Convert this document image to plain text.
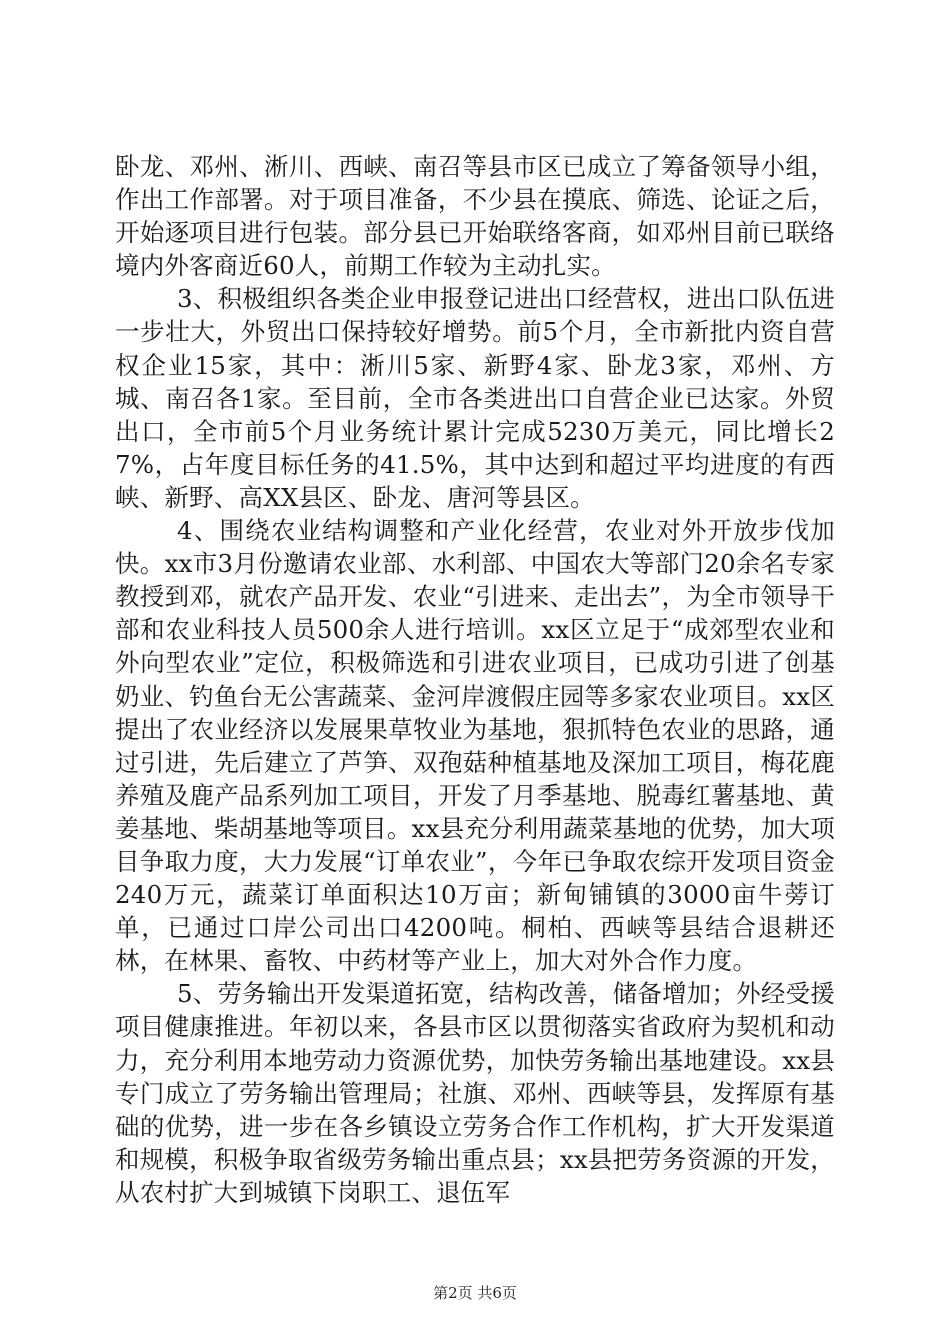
卧龙、邓州、淅川、西峡、南召等县市区已成立了筹备领导小组，作出工作部署。对于项目准备，不少县在摸底、筛选、论证之后，开始逐项目进行包装。部分县已开始联络客商，如邓州目前已联络境内外客商近60人，前期工作较为主动扎实。

3、积极组织各类企业申报登记进出口经营权，进出口队伍进一步壮大，外贸出口保持较好增势。前5个月，全市新批内资自营权企业15家，其中：淅川5家、新野4家、卧龙3家，邓州、方城、南召各1家。至目前，全市各类进出口自营企业已达家。外贸出口，全市前5个月业务统计累计完成5230万美元，同比增长27%，占年度目标任务的41.5%，其中达到和超过平均进度的有西峡、新野、高XX县区、卧龙、唐河等县区。

4、围绕农业结构调整和产业化经营，农业对外开放步伐加快。xx市3月份邀请农业部、水利部、中国农大等部门20余名专家教授到邓，就农产品开发、农业“引进来、走出去”，为全市领导干部和农业科技人员500余人进行培训。xx区立足于“成郊型农业和外向型农业”定位，积极筛选和引进农业项目，已成功引进了创基奶业、钓鱼台无公害蔬菜、金河岸渡假庄园等多家农业项目。xx区提出了农业经济以发展果草牧业为基地，狠抓特色农业的思路，通过引进，先后建立了芦笋、双孢菇种植基地及深加工项目，梅花鹿养殖及鹿产品系列加工项目，开发了月季基地、脱毒红薯基地、黄姜基地、柴胡基地等项目。xx县充分利用蔬菜基地的优势，加大项目争取力度，大力发展“订单农业”，今年已争取农综开发项目资金240万元，蔬菜订单面积达10万亩；新甸铺镇的3000亩牛蒡订单，已通过口岸公司出口4200吨。桐柏、西峡等县结合退耕还林，在林果、畜牧、中药材等产业上，加大对外合作力度。

5、劳务输出开发渠道拓宽，结构改善，储备增加；外经受援项目健康推进。年初以来，各县市区以贯彻落实省政府为契机和动力，充分利用本地劳动力资源优势，加快劳务输出基地建设。xx县专门成立了劳务输出管理局；社旗、邓州、西峡等县，发挥原有基础的优势，进一步在各乡镇设立劳务合作工作机构，扩大开发渠道和规模，积极争取省级劳务输出重点县；xx县把劳务资源的开发，从农村扩大到城镇下岗职工、退伍军

第2页 共6页
